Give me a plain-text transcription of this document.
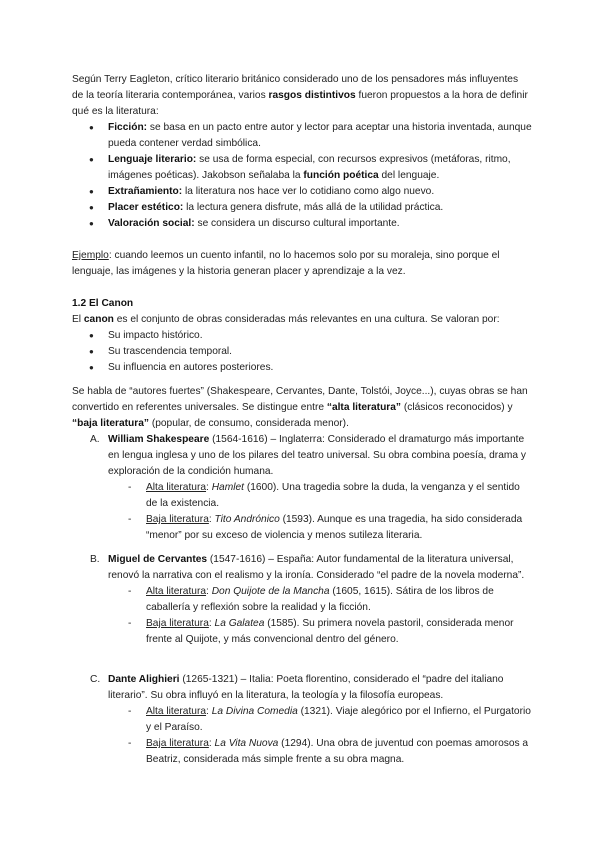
Según Terry Eagleton, crítico literario británico considerado uno de los pensadores más influyentes de la teoría literaria contemporánea, varios rasgos distintivos fueron propuestos a la hora de definir qué es la literatura:

● Ficción: se basa en un pacto entre autor y lector para aceptar una historia inventada, aunque pueda contener verdad simbólica.
● Lenguaje literario: se usa de forma especial, con recursos expresivos (metáforas, ritmo, imágenes poéticas). Jakobson señalaba la función poética del lenguaje.
● Extrañamiento: la literatura nos hace ver lo cotidiano como algo nuevo.
● Placer estético: la lectura genera disfrute, más allá de la utilidad práctica.
● Valoración social: se considera un discurso cultural importante.

Ejemplo: cuando leemos un cuento infantil, no lo hacemos solo por su moraleja, sino porque el lenguaje, las imágenes y la historia generan placer y aprendizaje a la vez.

1.2 El Canon

El canon es el conjunto de obras consideradas más relevantes en una cultura. Se valoran por:

● Su impacto histórico.
● Su trascendencia temporal.
● Su influencia en autores posteriores.

Se habla de “autores fuertes” (Shakespeare, Cervantes, Dante, Tolstói, Joyce...), cuyas obras se han convertido en referentes universales. Se distingue entre “alta literatura” (clásicos reconocidos) y “baja literatura” (popular, de consumo, considerada menor).

A. William Shakespeare (1564-1616) – Inglaterra: Considerado el dramaturgo más importante en lengua inglesa y uno de los pilares del teatro universal. Su obra combina poesía, drama y exploración de la condición humana.
- Alta literatura: Hamlet (1600). Una tragedia sobre la duda, la venganza y el sentido de la existencia.
- Baja literatura: Tito Andrónico (1593). Aunque es una tragedia, ha sido considerada “menor” por su exceso de violencia y menos sutileza literaria.
B. Miguel de Cervantes (1547-1616) – España: Autor fundamental de la literatura universal, renovó la narrativa con el realismo y la ironía. Considerado “el padre de la novela moderna”.
- Alta literatura: Don Quijote de la Mancha (1605, 1615). Sátira de los libros de caballería y reflexión sobre la realidad y la ficción.
- Baja literatura: La Galatea (1585). Su primera novela pastoril, considerada menor frente al Quijote, y más convencional dentro del género.
C. Dante Alighieri (1265-1321) – Italia: Poeta florentino, considerado el “padre del italiano literario”. Su obra influyó en la literatura, la teología y la filosofía europeas.
- Alta literatura: La Divina Comedia (1321). Viaje alegórico por el Infierno, el Purgatorio y el Paraíso.
- Baja literatura: La Vita Nuova (1294). Una obra de juventud con poemas amorosos a Beatriz, considerada más simple frente a su obra magna.
